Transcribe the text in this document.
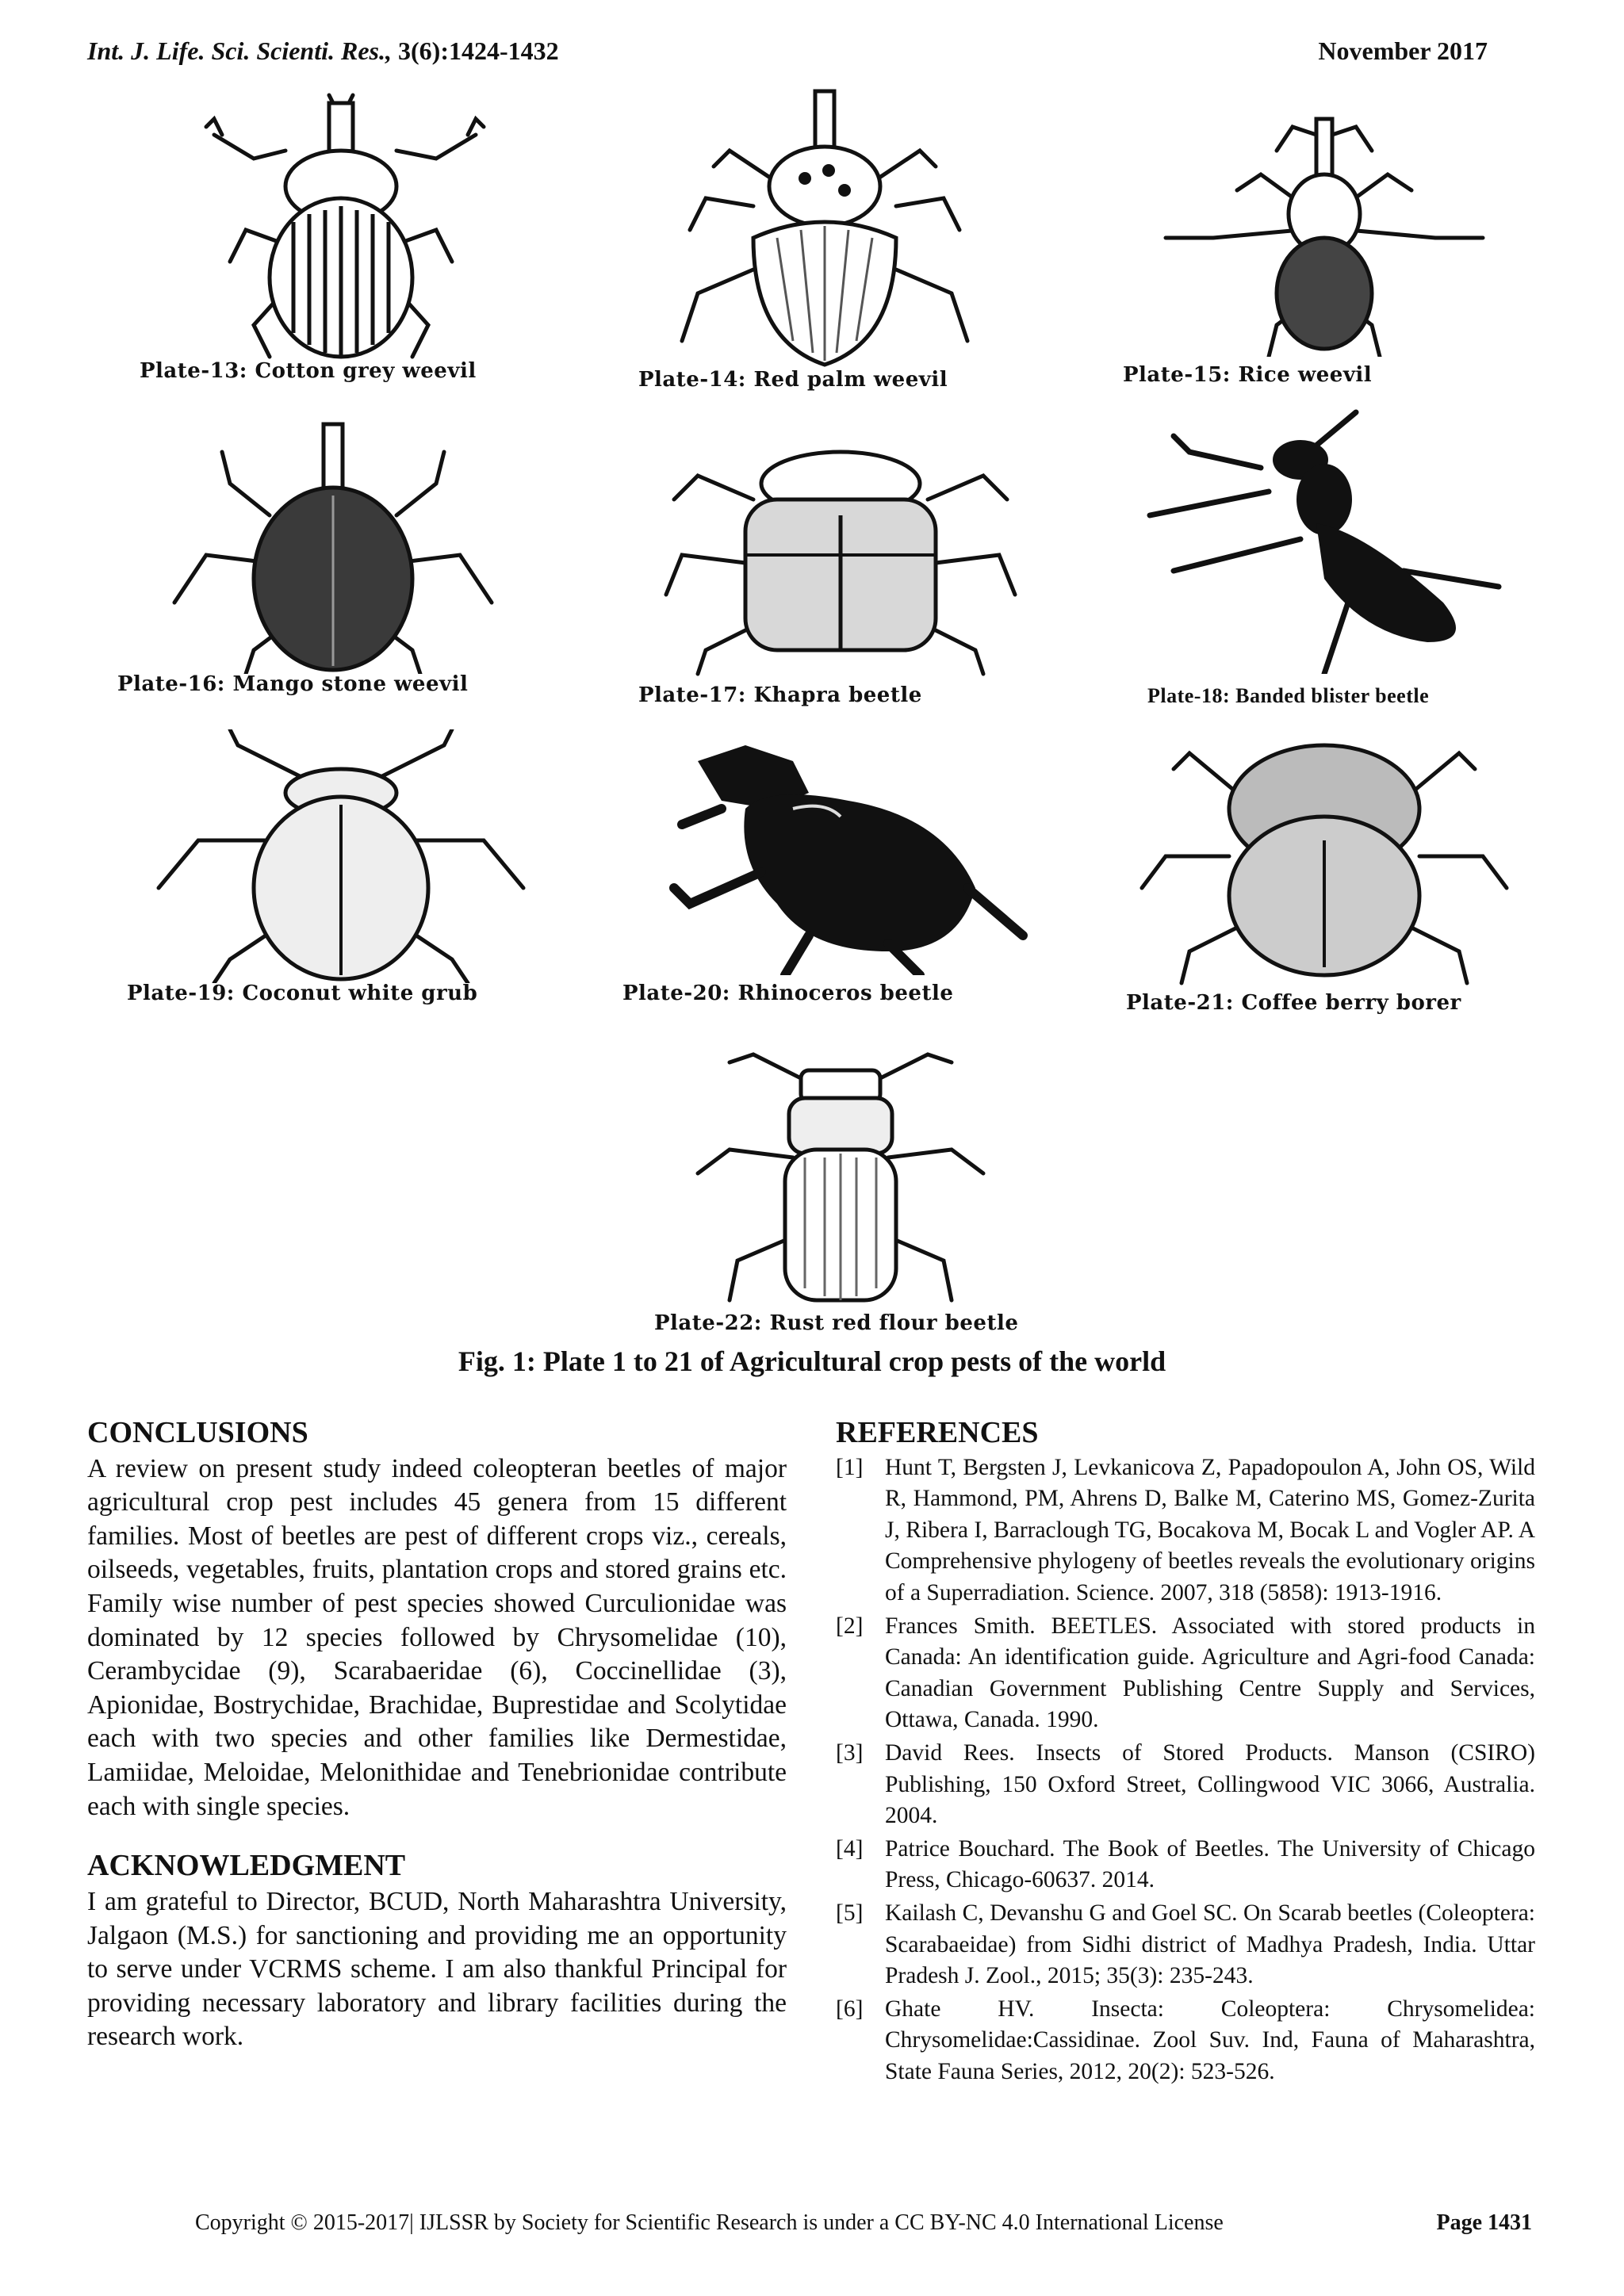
Int. J. Life. Sci. Scienti. Res., 3(6):1424-1432	November 2017
Plate-13: Cotton grey weevil	Plate-14: Red palm weevil	Plate-15: Rice weevil
Plate-16: Mango stone weevil	Plate-17: Khapra beetle	Plate-18: Banded blister beetle
Plate-19: Coconut white grub	Plate-20: Rhinoceros beetle	Plate-21: Coffee berry borer
Plate-22: Rust red flour beetle
Fig. 1: Plate 1 to 21 of Agricultural crop pests of the world
CONCLUSIONS

A review on present study indeed coleopteran beetles of major agricultural crop pest includes 45 genera from 15 different families. Most of beetles are pest of different crops viz., cereals, oilseeds, vegetables, fruits, plantation crops and stored grains etc. Family wise number of pest species showed Curculionidae was dominated by 12 species followed by Chrysomelidae (10), Cerambycidae (9), Scarabaeridae (6), Coccinellidae (3), Apionidae, Bostrychidae, Brachidae, Buprestidae and Scolytidae each with two species and other families like Dermestidae, Lamiidae, Meloidae, Melonithidae and Tenebrionidae contribute each with single species.

ACKNOWLEDGMENT

I am grateful to Director, BCUD, North Maharashtra University, Jalgaon (M.S.) for sanctioning and providing me an opportunity to serve under VCRMS scheme. I am also thankful Principal for providing necessary laboratory and library facilities during the research work.

REFERENCES
[1] Hunt T, Bergsten J, Levkanicova Z, Papadopoulon A, John OS, Wild R, Hammond, PM, Ahrens D, Balke M, Caterino MS, Gomez-Zurita J, Ribera I, Barraclough TG, Bocakova M, Bocak L and Vogler AP. A Comprehensive phylogeny of beetles reveals the evolutionary origins of a Superradiation. Science. 2007, 318 (5858): 1913-1916.
[2] Frances Smith. BEETLES. Associated with stored products in Canada: An identification guide. Agriculture and Agri-food Canada: Canadian Government Publishing Centre Supply and Services, Ottawa, Canada. 1990.
[3] David Rees. Insects of Stored Products. Manson (CSIRO) Publishing, 150 Oxford Street, Collingwood VIC 3066, Australia. 2004.
[4] Patrice Bouchard. The Book of Beetles. The University of Chicago Press, Chicago-60637. 2014.
[5] Kailash C, Devanshu G and Goel SC. On Scarab beetles (Coleoptera: Scarabaeidae) from Sidhi district of Madhya Pradesh, India. Uttar Pradesh J. Zool., 2015; 35(3): 235-243.
[6] Ghate HV. Insecta: Coleoptera: Chrysomelidea: Chrysomelidae:Cassidinae. Zool Suv. Ind, Fauna of Maharashtra, State Fauna Series, 2012, 20(2): 523-526.
Copyright © 2015-2017| IJLSSR by Society for Scientific Research is under a CC BY-NC 4.0 International License	Page 1431
